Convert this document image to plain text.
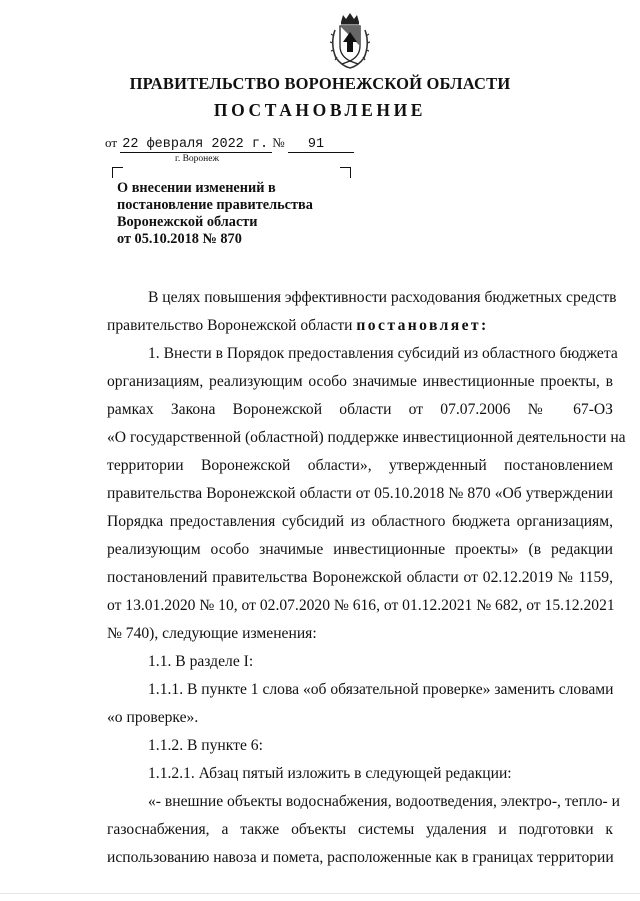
ПРАВИТЕЛЬСТВО ВОРОНЕЖСКОЙ ОБЛАСТИ
ПОСТАНОВЛЕНИЕ
от 22 февраля 2022 г. № 91
г. Воронеж
О внесении изменений в
постановление правительства
Воронежской области
от 05.10.2018 № 870
В целях повышения эффективности расходования бюджетных средств
правительство Воронежской области постановляет:
1. Внести в Порядок предоставления субсидий из областного бюджета
организациям, реализующим особо значимые инвестиционные проекты, в
рамках Закона Воронежской области от 07.07.2006 № 67-ОЗ
«О государственной (областной) поддержке инвестиционной деятельности на
территории Воронежской области», утвержденный постановлением
правительства Воронежской области от 05.10.2018 № 870 «Об утверждении
Порядка предоставления субсидий из областного бюджета организациям,
реализующим особо значимые инвестиционные проекты» (в редакции
постановлений правительства Воронежской области от 02.12.2019 № 1159,
от 13.01.2020 № 10, от 02.07.2020 № 616, от 01.12.2021 № 682, от 15.12.2021
№ 740), следующие изменения:
1.1. В разделе I:
1.1.1. В пункте 1 слова «об обязательной проверке» заменить словами
«о проверке».
1.1.2. В пункте 6:
1.1.2.1. Абзац пятый изложить в следующей редакции:
«- внешние объекты водоснабжения, водоотведения, электро-, тепло- и
газоснабжения, а также объекты системы удаления и подготовки к
использованию навоза и помета, расположенные как в границах территории
